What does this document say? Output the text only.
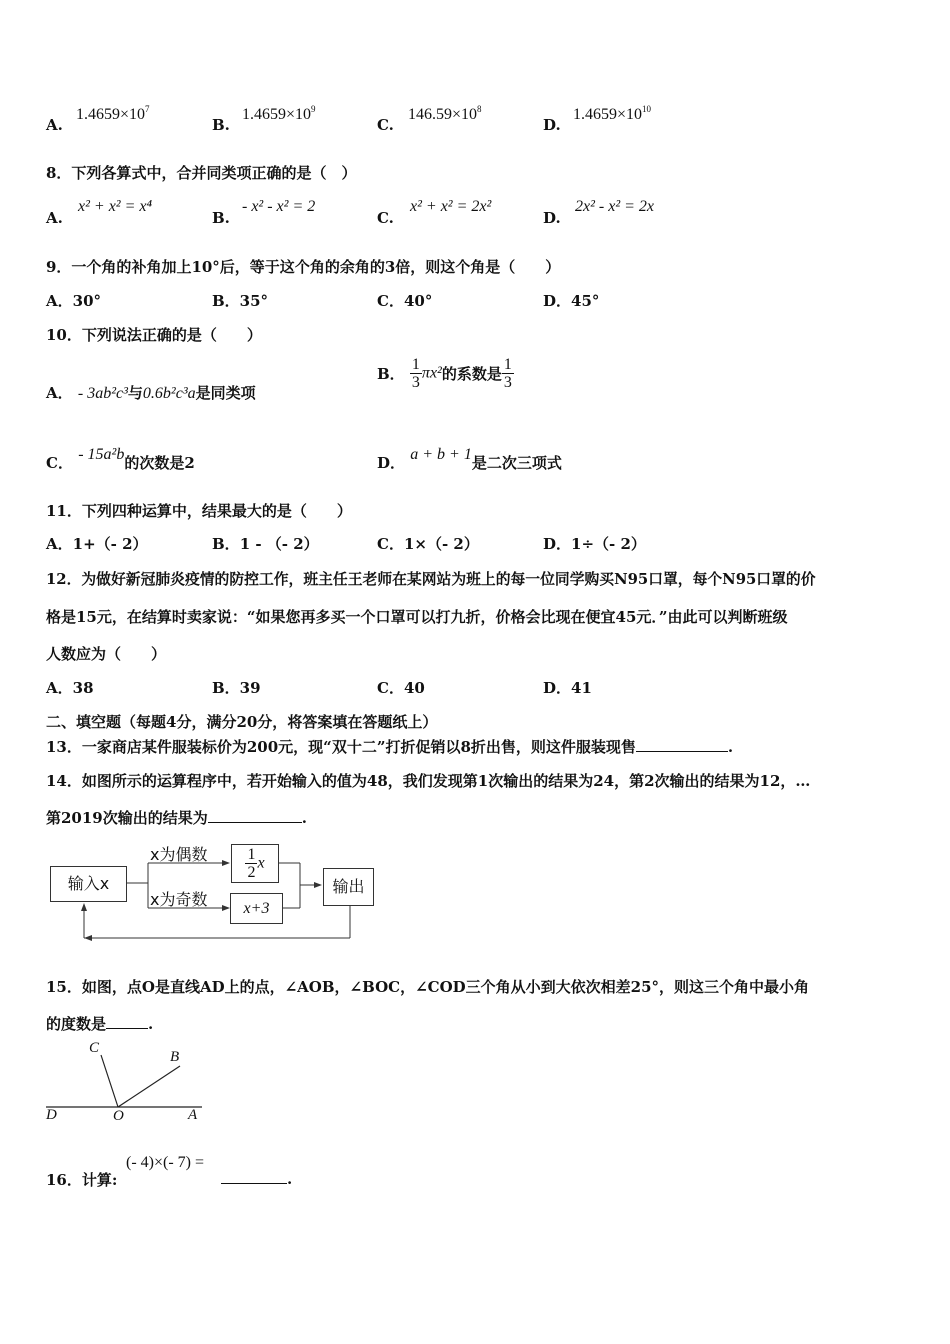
A.
$1.4659\times 10^7$
B.
$1.4659\times 10^9$
C.
$146.59\times 10^8$
D.
$1.4659\times 10^{10}$
8．下列各算式中，合并同类项正确的是（　）
A.
x² + x² = x⁴
B.
- x² - x² = 2
C.
x² + x² = 2x²
D.
2x² - x² = 2x
9．一个角的补角加上10°后，等于这个角的余角的3倍，则这个角是（　　）
A．30°	B．35°	C．40°	D．45°
10．下列说法正确的是（　　）
A． - 3ab²c³与0.6b²c³a是同类项
B． $\frac{1}{3} \pi x^2$的系数是 $\frac{1}{3}$
C． - 15a²b的次数是2	D． a + b + 1是二次三项式
11．下列四种运算中，结果最大的是（　　）
A．1+（- 2）	B．1 - （- 2）	C．1×（- 2）	D．1÷（- 2）
12．为做好新冠肺炎疫情的防控工作，班主任王老师在某网站为班上的每一位同学购买N95口罩，每个N95口罩的价
格是15元，在结算时卖家说：“如果您再多买一个口罩可以打九折，价格会比现在便宜45元．”由此可以判断班级
人数应为（　　）
A．38	B．39	C．40	D．41
二、填空题（每题4分，满分20分，将答案填在答题纸上）
13．一家商店某件服装标价为200元，现“双十二”打折促销以8折出售，则这件服装现售	.
14．如图所示的运算程序中，若开始输入的值为48，我们发现第1次输出的结果为24，第2次输出的结果为12，…
第2019次输出的结果为	.
输入x
x为偶数
x为奇数
$\frac{1}{2}$ x
x+3
输出
15．如图，点O是直线AD上的点，∠AOB，∠BOC，∠COD三个角从小到大依次相差25°，则这三个角中最小角
的度数是	.
C
B
D	O	A
16．计算:
(- 4)×(- 7) =
.
